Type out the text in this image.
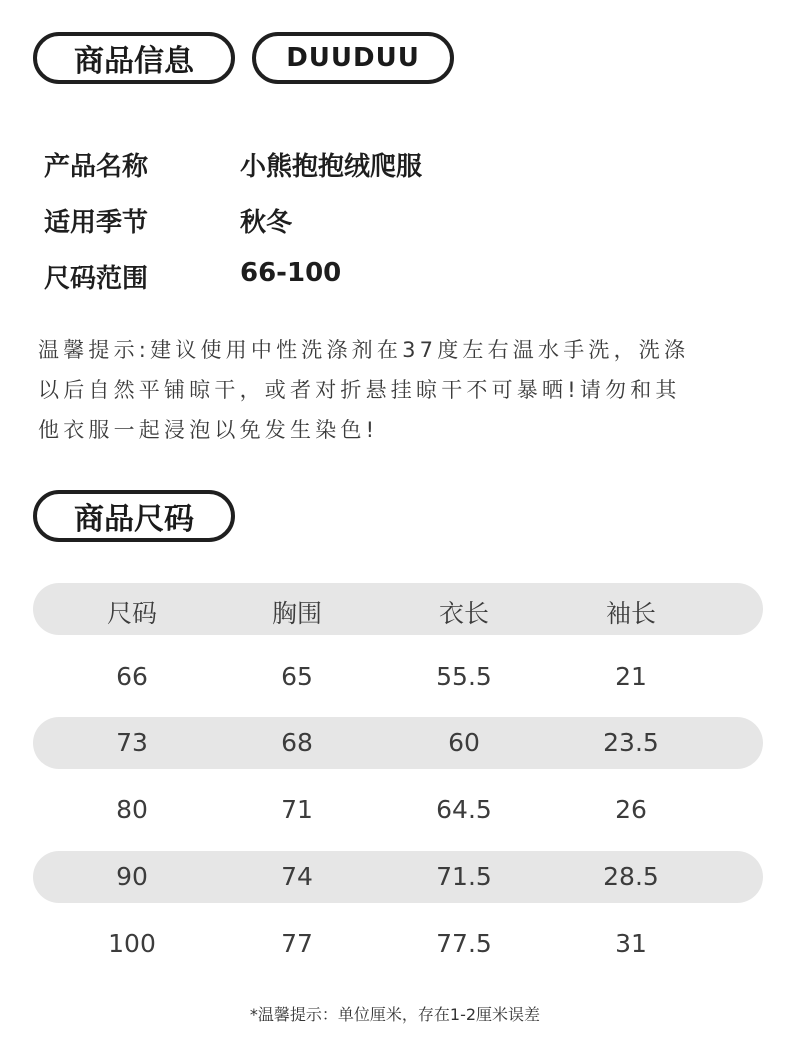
商品信息	DUUDUU
产品名称	小熊抱抱绒爬服
适用季节	秋冬
尺码范围	66-100
温馨提示:建议使用中性洗涤剂在37度左右温水手洗，洗涤
以后自然平铺晾干，或者对折悬挂晾干不可暴晒!请勿和其
他衣服一起浸泡以免发生染色!
商品尺码
尺码	胸围	衣长	袖长
66	65	55.5	21
73	68	60	23.5
80	71	64.5	26
90	74	71.5	28.5
100	77	77.5	31
*温馨提示：单位厘米，存在1-2厘米误差
